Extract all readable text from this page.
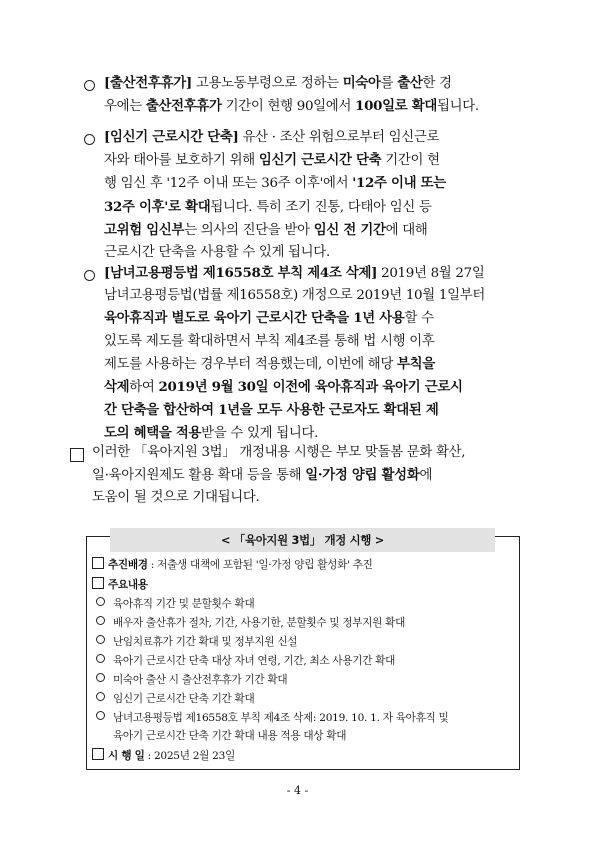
[출산전후휴가] 고용노동부령으로 정하는 미숙아를 출산한 경
우에는 출산전후휴가 기간이 현행 90일에서 100일로 확대됩니다.
[임신기 근로시간 단축] 유산 · 조산 위험으로부터 임신근로
자와 태아를 보호하기 위해 임신기 근로시간 단축 기간이 현
행 임신 후 '12주 이내 또는 36주 이후'에서 '12주 이내 또는
32주 이후'로 확대됩니다. 특히 조기 진통, 다태아 임신 등
고위험 임신부는 의사의 진단을 받아 임신 전 기간에 대해
근로시간 단축을 사용할 수 있게 됩니다.
[남녀고용평등법 제16558호 부칙 제4조 삭제] 2019년 8월 27일
남녀고용평등법(법률 제16558호) 개정으로 2019년 10월 1일부터
육아휴직과 별도로 육아기 근로시간 단축을 1년 사용할 수
있도록 제도를 확대하면서 부칙 제4조를 통해 법 시행 이후
제도를 사용하는 경우부터 적용했는데, 이번에 해당 부칙을
삭제하여 2019년 9월 30일 이전에 육아휴직과 육아기 근로시
간 단축을 합산하여 1년을 모두 사용한 근로자도 확대된 제
도의 혜택을 적용받을 수 있게 됩니다.
이러한 「육아지원 3법」 개정내용 시행은 부모 맞돌봄 문화 확산,
일·육아지원제도 활용 확대 등을 통해 일·가정 양립 활성화에
도움이 될 것으로 기대됩니다.
< 「육아지원 3법」 개정 시행 >
추진배경 : 저출생 대책에 포함된 '일·가정 양립 활성화' 추진
주요내용
육아휴직 기간 및 분할횟수 확대
배우자 출산휴가 절차, 기간, 사용기한, 분할횟수 및 정부지원 확대
난임치료휴가 기간 확대 및 정부지원 신설
육아기 근로시간 단축 대상 자녀 연령, 기간, 최소 사용기간 확대
미숙아 출산 시 출산전후휴가 기간 확대
임신기 근로시간 단축 기간 확대
남녀고용평등법 제16558호 부칙 제4조 삭제: 2019. 10. 1. 자 육아휴직 및
육아기 근로시간 단축 기간 확대 내용 적용 대상 확대
시 행 일 : 2025년 2월 23일
- 4 -
